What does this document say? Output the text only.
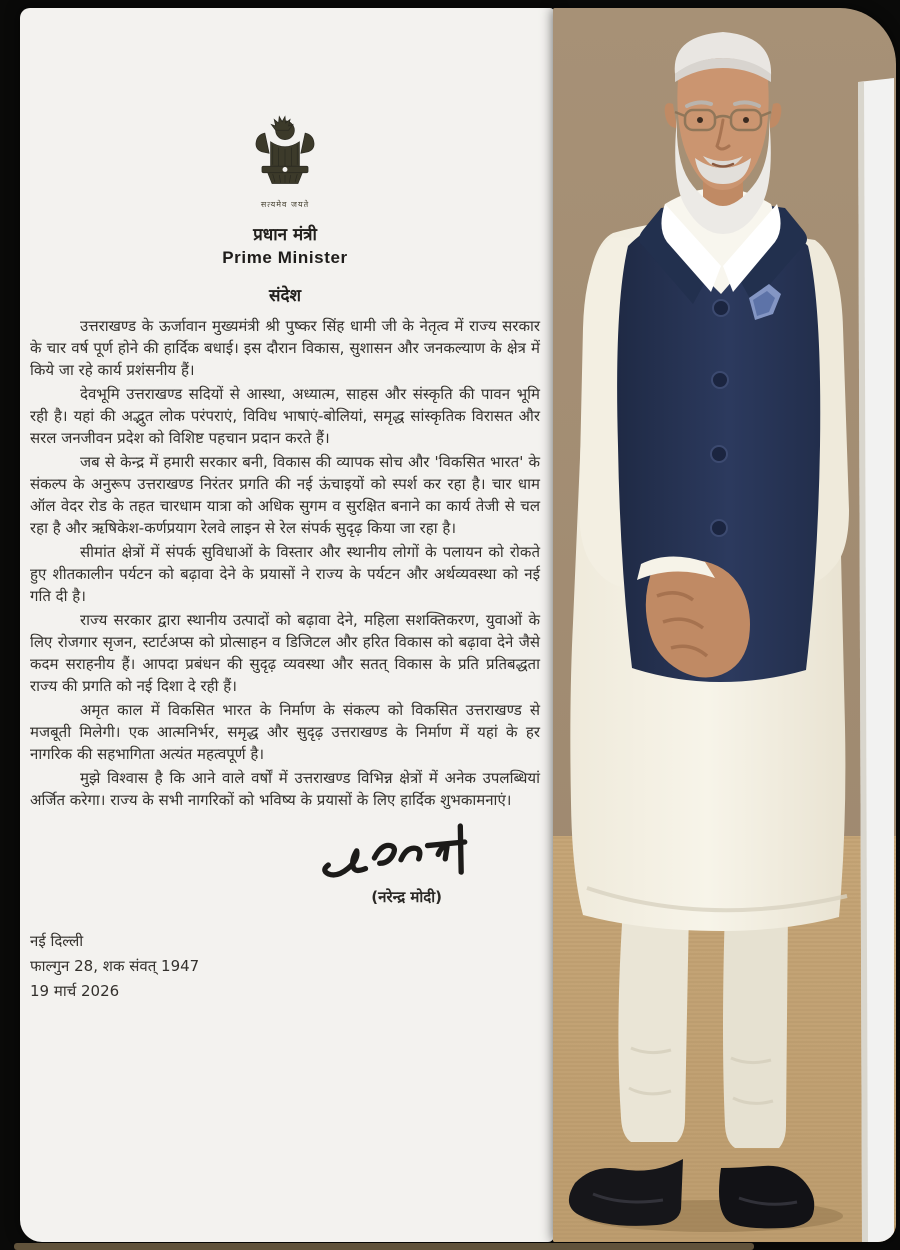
सत्यमेव जयते
प्रधान मंत्री
Prime Minister
संदेश

उत्तराखण्ड के ऊर्जावान मुख्यमंत्री श्री पुष्कर सिंह धामी जी के नेतृत्व में राज्य सरकार के चार वर्ष पूर्ण होने की हार्दिक बधाई। इस दौरान विकास, सुशासन और जनकल्याण के क्षेत्र में किये जा रहे कार्य प्रशंसनीय हैं।

देवभूमि उत्तराखण्ड सदियों से आस्था, अध्यात्म, साहस और संस्कृति की पावन भूमि रही है। यहां की अद्भुत लोक परंपराएं, विविध भाषाएं-बोलियां, समृद्ध सांस्कृतिक विरासत और सरल जनजीवन प्रदेश को विशिष्ट पहचान प्रदान करते हैं।

जब से केन्द्र में हमारी सरकार बनी, विकास की व्यापक सोच और 'विकसित भारत' के संकल्प के अनुरूप उत्तराखण्ड निरंतर प्रगति की नई ऊंचाइयों को स्पर्श कर रहा है। चार धाम ऑल वेदर रोड के तहत चारधाम यात्रा को अधिक सुगम व सुरक्षित बनाने का कार्य तेजी से चल रहा है और ऋषिकेश-कर्णप्रयाग रेलवे लाइन से रेल संपर्क सुदृढ़ किया जा रहा है।

सीमांत क्षेत्रों में संपर्क सुविधाओं के विस्तार और स्थानीय लोगों के पलायन को रोकते हुए शीतकालीन पर्यटन को बढ़ावा देने के प्रयासों ने राज्य के पर्यटन और अर्थव्यवस्था को नई गति दी है।

राज्य सरकार द्वारा स्थानीय उत्पादों को बढ़ावा देने, महिला सशक्तिकरण, युवाओं के लिए रोजगार सृजन, स्टार्टअप्स को प्रोत्साहन व डिजिटल और हरित विकास को बढ़ावा देने जैसे कदम सराहनीय हैं। आपदा प्रबंधन की सुदृढ़ व्यवस्था और सतत् विकास के प्रति प्रतिबद्धता राज्य की प्रगति को नई दिशा दे रही हैं।

अमृत काल में विकसित भारत के निर्माण के संकल्प को विकसित उत्तराखण्ड से मजबूती मिलेगी। एक आत्मनिर्भर, समृद्ध और सुदृढ़ उत्तराखण्ड के निर्माण में यहां के हर नागरिक की सहभागिता अत्यंत महत्वपूर्ण है।

मुझे विश्वास है कि आने वाले वर्षों में उत्तराखण्ड विभिन्न क्षेत्रों में अनेक उपलब्धियां अर्जित करेगा। राज्य के सभी नागरिकों को भविष्य के प्रयासों के लिए हार्दिक शुभकामनाएं।

(नरेन्द्र मोदी)
नई दिल्ली
फाल्गुन 28, शक संवत् 1947
19 मार्च 2026
